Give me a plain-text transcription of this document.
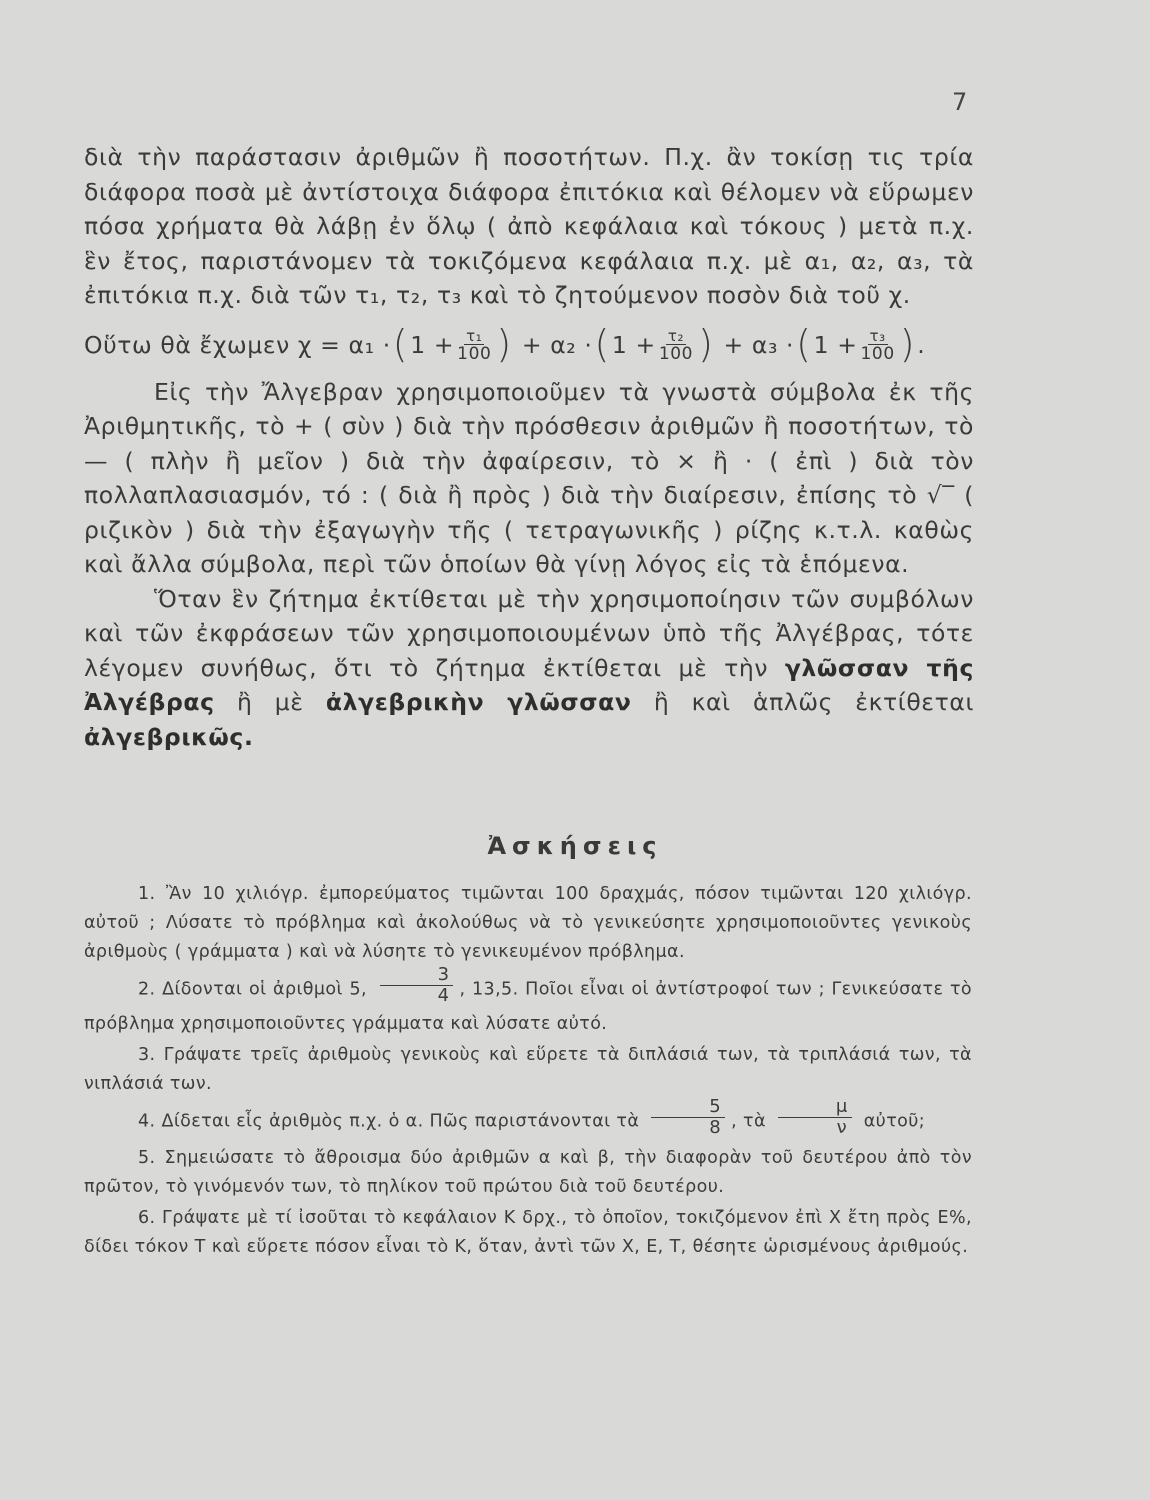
7

διὰ τὴν παράστασιν ἀριθμῶν ἢ ποσοτήτων. Π.χ. ἂν τοκίσῃ τις τρία διάφορα ποσὰ μὲ ἀντίστοιχα διάφορα ἐπιτόκια καὶ θέλομεν νὰ εὕρωμεν πόσα χρήματα θὰ λάβῃ ἐν ὅλῳ ( ἀπὸ κεφάλαια καὶ τόκους ) μετὰ π.χ. ἓν ἔτος, παριστάνομεν τὰ τοκιζόμενα κεφάλαια π.χ. μὲ α₁, α₂, α₃, τὰ ἐπιτόκια π.χ. διὰ τῶν τ₁, τ₂, τ₃ καὶ τὸ ζητούμενον ποσὸν διὰ τοῦ χ.

Οὕτω θὰ ἔχωμεν χ = α₁ · ( $1 + \frac{\text{τ₁}}{100}$ ) + α₂ · ( $1 + \frac{\text{τ₂}}{100}$ ) + α₃ · ( $1 + \frac{\text{τ₃}}{100}$ ) .

Εἰς τὴν Ἄλγεβραν χρησιμοποιοῦμεν τὰ γνωστὰ σύμβολα ἐκ τῆς Ἀριθμητικῆς, τὸ + ( σὺν ) διὰ τὴν πρόσθεσιν ἀριθμῶν ἢ ποσοτήτων, τὸ — ( πλὴν ἢ μεῖον ) διὰ τὴν ἀφαίρεσιν, τὸ × ἢ · ( ἐπὶ ) διὰ τὸν πολλαπλασιασμόν, τό : ( διὰ ἢ πρὸς ) διὰ τὴν διαίρεσιν, ἐπίσης τὸ √‾ ( ριζικὸν ) διὰ τὴν ἐξαγωγὴν τῆς ( τετραγωνικῆς ) ρίζης κ.τ.λ. καθὼς καὶ ἄλλα σύμβολα, περὶ τῶν ὁποίων θὰ γίνῃ λόγος εἰς τὰ ἑπόμενα.

Ὅταν ἓν ζήτημα ἐκτίθεται μὲ τὴν χρησιμοποίησιν τῶν συμβόλων καὶ τῶν ἐκφράσεων τῶν χρησιμοποιουμένων ὑπὸ τῆς Ἀλγέβρας, τότε λέγομεν συνήθως, ὅτι τὸ ζήτημα ἐκτίθεται μὲ τὴν γλῶσσαν τῆς Ἀλγέβρας ἢ μὲ ἀλγεβρικὴν γλῶσσαν ἢ καὶ ἁπλῶς ἐκτίθεται ἀλγεβρικῶς.

Ἀσκήσεις

1. Ἂν 10 χιλιόγρ. ἐμπορεύματος τιμῶνται 100 δραχμάς, πόσον τιμῶνται 120 χιλιόγρ. αὐτοῦ ; Λύσατε τὸ πρόβλημα καὶ ἀκολούθως νὰ τὸ γενικεύσητε χρησιμοποιοῦντες γενικοὺς ἀριθμοὺς ( γράμματα ) καὶ νὰ λύσητε τὸ γενικευμένον πρόβλημα.

2. Δίδονται οἱ ἀριθμοὶ 5, $\frac{3}{4}$ , 13,5. Ποῖοι εἶναι οἱ ἀντίστροφοί των ; Γενικεύσατε τὸ πρόβλημα χρησιμοποιοῦντες γράμματα καὶ λύσατε αὐτό.

3. Γράψατε τρεῖς ἀριθμοὺς γενικοὺς καὶ εὕρετε τὰ διπλάσιά των, τὰ τριπλάσιά των, τὰ νιπλάσιά των.

4. Δίδεται εἷς ἀριθμὸς π.χ. ὁ α. Πῶς παριστάνονται τὰ $\frac{5}{8}$ , τὰ $\frac{\mu}{\nu}$ αὐτοῦ;

5. Σημειώσατε τὸ ἄθροισμα δύο ἀριθμῶν α καὶ β, τὴν διαφορὰν τοῦ δευτέρου ἀπὸ τὸν πρῶτον, τὸ γινόμενόν των, τὸ πηλίκον τοῦ πρώτου διὰ τοῦ δευτέρου.

6. Γράψατε μὲ τί ἰσοῦται τὸ κεφάλαιον Κ δρχ., τὸ ὁποῖον, τοκιζόμενον ἐπὶ Χ ἔτη πρὸς Ε%, δίδει τόκον Τ καὶ εὕρετε πόσον εἶναι τὸ Κ, ὅταν, ἀντὶ τῶν Χ, Ε, Τ, θέσητε ὡρισμένους ἀριθμούς.
